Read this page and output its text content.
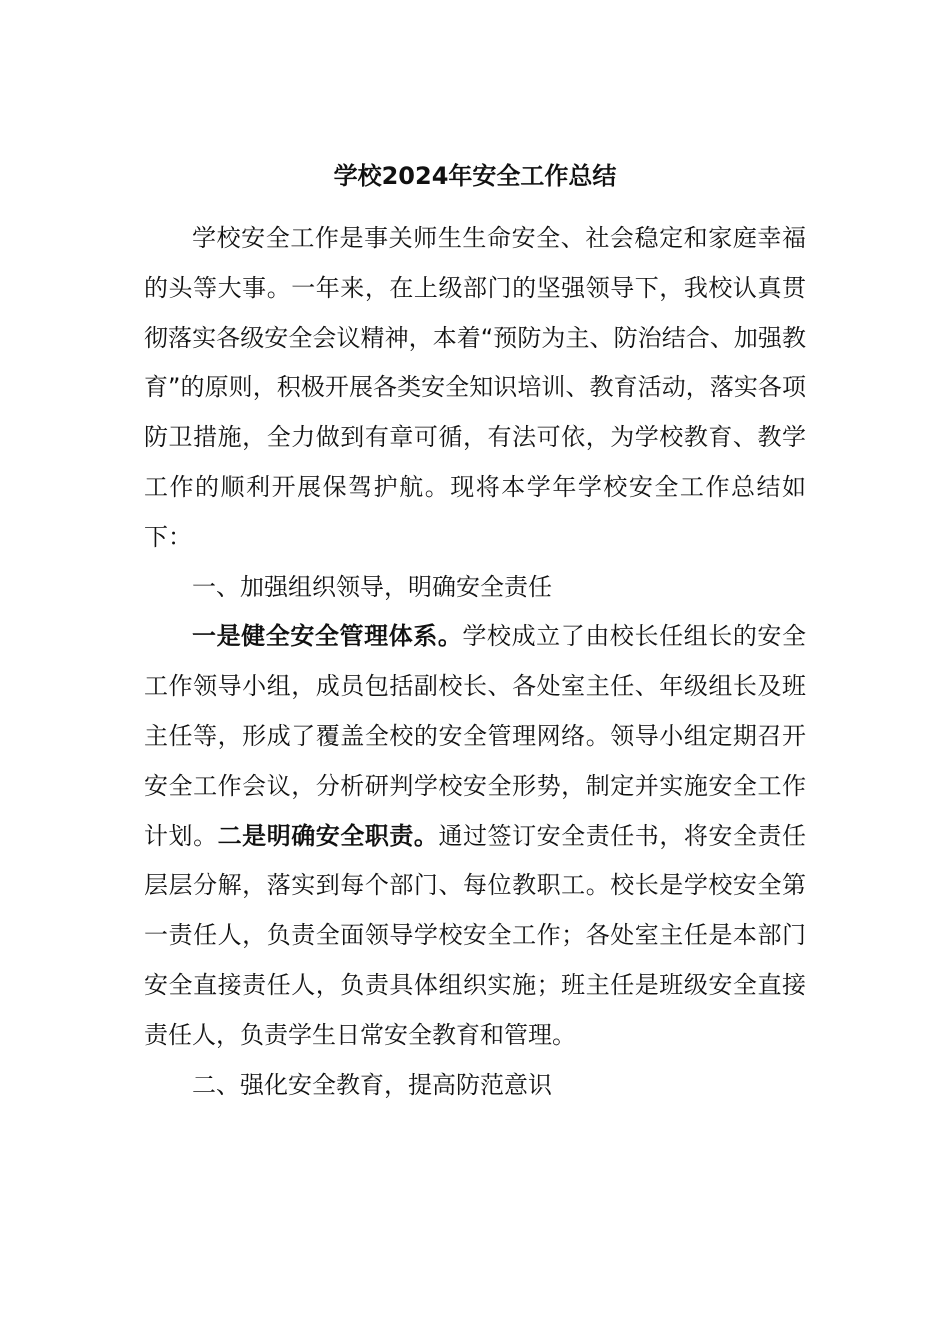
学校2024年安全工作总结

学校安全工作是事关师生生命安全、社会稳定和家庭幸福的头等大事。一年来，在上级部门的坚强领导下，我校认真贯彻落实各级安全会议精神，本着“预防为主、防治结合、加强教育”的原则，积极开展各类安全知识培训、教育活动，落实各项防卫措施，全力做到有章可循，有法可依，为学校教育、教学工作的顺利开展保驾护航。现将本学年学校安全工作总结如下：

一、加强组织领导，明确安全责任

一是健全安全管理体系。学校成立了由校长任组长的安全工作领导小组，成员包括副校长、各处室主任、年级组长及班主任等，形成了覆盖全校的安全管理网络。领导小组定期召开安全工作会议，分析研判学校安全形势，制定并实施安全工作计划。二是明确安全职责。通过签订安全责任书，将安全责任层层分解，落实到每个部门、每位教职工。校长是学校安全第一责任人，负责全面领导学校安全工作；各处室主任是本部门安全直接责任人，负责具体组织实施；班主任是班级安全直接责任人，负责学生日常安全教育和管理。

二、强化安全教育，提高防范意识
